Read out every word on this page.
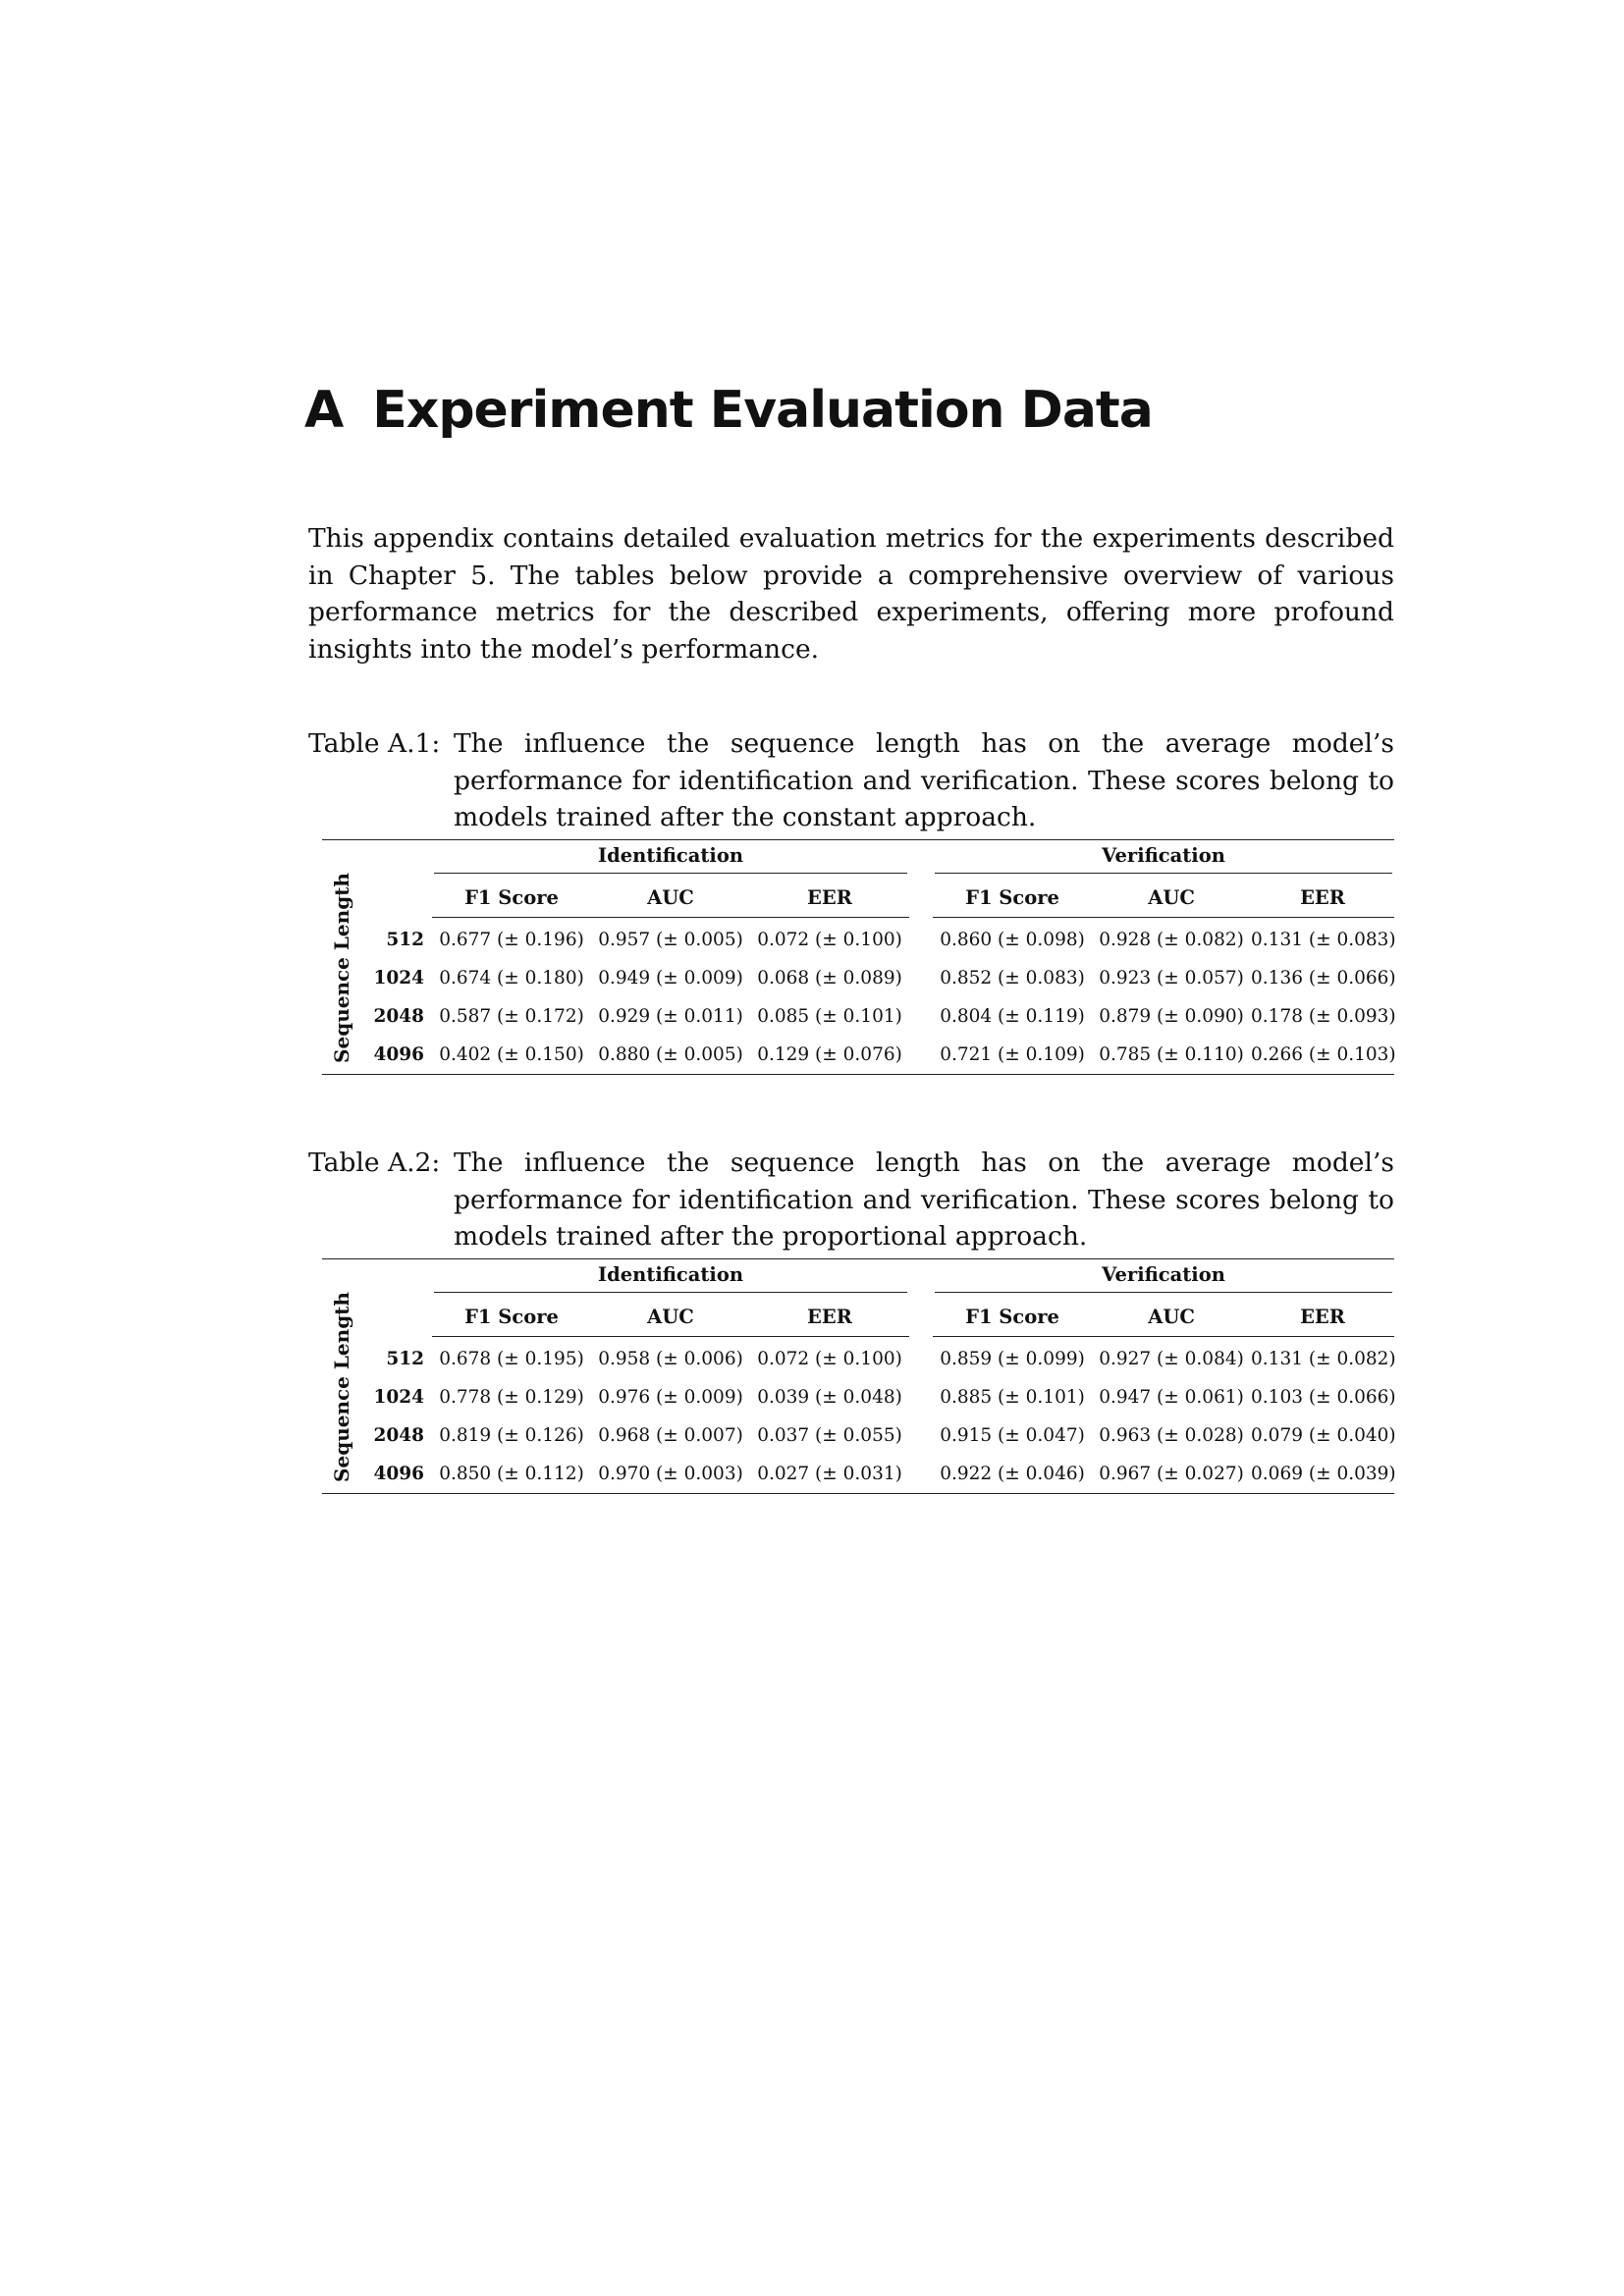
A Experiment Evaluation Data

This appendix contains detailed evaluation metrics for the experiments described in Chapter 5. The tables below provide a comprehensive overview of various performance metrics for the described experiments, offering more profound insights into the model’s performance.

Table A.1: The influence the sequence length has on the average model’s performance for identification and verification. These scores belong to models trained after the constant approach.
Sequence Length

		Identification				Verification		

		F1 Score	AUC	EER		F1 Score	AUC	EER
	512	0.677 (± 0.196)	0.957 (± 0.005)	0.072 (± 0.100)		0.860 (± 0.098)	0.928 (± 0.082)	0.131 (± 0.083)
	1024	0.674 (± 0.180)	0.949 (± 0.009)	0.068 (± 0.089)		0.852 (± 0.083)	0.923 (± 0.057)	0.136 (± 0.066)
	2048	0.587 (± 0.172)	0.929 (± 0.011)	0.085 (± 0.101)		0.804 (± 0.119)	0.879 (± 0.090)	0.178 (± 0.093)
	4096	0.402 (± 0.150)	0.880 (± 0.005)	0.129 (± 0.076)		0.721 (± 0.109)	0.785 (± 0.110)	0.266 (± 0.103)
Table A.2: The influence the sequence length has on the average model’s performance for identification and verification. These scores belong to models trained after the proportional approach.
Sequence Length

		Identification				Verification		

		F1 Score	AUC	EER		F1 Score	AUC	EER
	512	0.678 (± 0.195)	0.958 (± 0.006)	0.072 (± 0.100)		0.859 (± 0.099)	0.927 (± 0.084)	0.131 (± 0.082)
	1024	0.778 (± 0.129)	0.976 (± 0.009)	0.039 (± 0.048)		0.885 (± 0.101)	0.947 (± 0.061)	0.103 (± 0.066)
	2048	0.819 (± 0.126)	0.968 (± 0.007)	0.037 (± 0.055)		0.915 (± 0.047)	0.963 (± 0.028)	0.079 (± 0.040)
	4096	0.850 (± 0.112)	0.970 (± 0.003)	0.027 (± 0.031)		0.922 (± 0.046)	0.967 (± 0.027)	0.069 (± 0.039)
